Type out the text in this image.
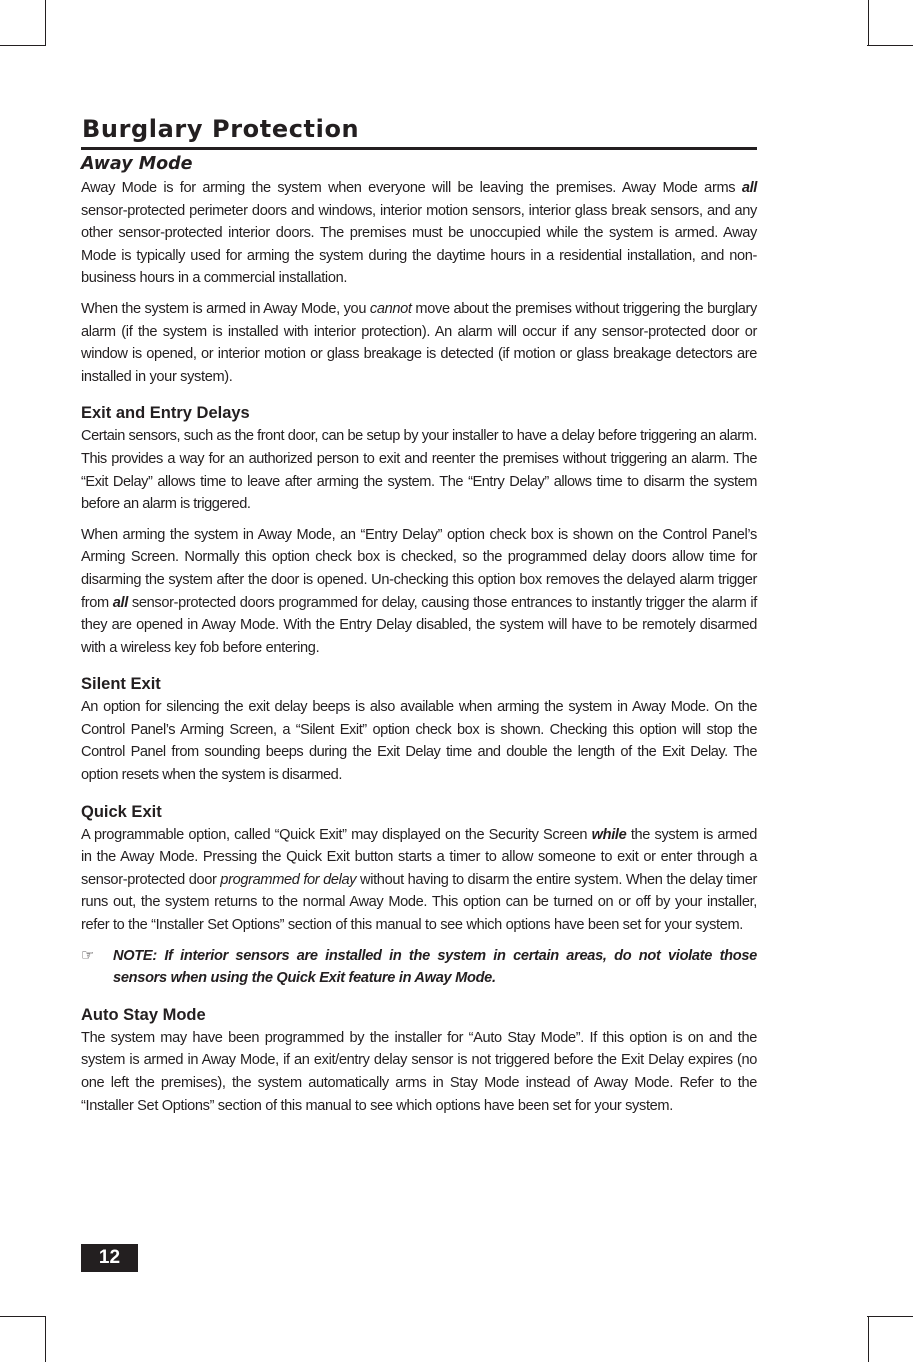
Burglary Protection
Away Mode

Away Mode is for arming the system when everyone will be leaving the premises. Away Mode arms all sensor-protected perimeter doors and windows, interior motion sensors, interior glass break sensors, and any other sensor-protected interior doors. The premises must be unoccupied while the system is armed. Away Mode is typically used for arming the system during the daytime hours in a residential installation, and non-business hours in a commercial installation.

When the system is armed in Away Mode, you cannot move about the premises without triggering the burglary alarm (if the system is installed with interior protection). An alarm will occur if any sensor-protected door or window is opened, or interior motion or glass breakage is detected (if motion or glass breakage detectors are installed in your system).

Exit and Entry Delays

Certain sensors, such as the front door, can be setup by your installer to have a delay before triggering an alarm. This provides a way for an authorized person to exit and reenter the premises without triggering an alarm. The “Exit Delay” allows time to leave after arming the system. The “Entry Delay” allows time to disarm the system before an alarm is triggered.

When arming the system in Away Mode, an “Entry Delay” option check box is shown on the Control Panel’s Arming Screen. Normally this option check box is checked, so the programmed delay doors allow time for disarming the system after the door is opened. Un-checking this option box removes the delayed alarm trigger from all sensor-protected doors programmed for delay, causing those entrances to instantly trigger the alarm if they are opened in Away Mode. With the Entry Delay disabled, the system will have to be remotely disarmed with a wireless key fob before entering.

Silent Exit

An option for silencing the exit delay beeps is also available when arming the system in Away Mode. On the Control Panel’s Arming Screen, a “Silent Exit” option check box is shown. Checking this option will stop the Control Panel from sounding beeps during the Exit Delay time and double the length of the Exit Delay. The option resets when the system is disarmed.

Quick Exit

A programmable option, called “Quick Exit” may displayed on the Security Screen while the system is armed in the Away Mode. Pressing the Quick Exit button starts a timer to allow someone to exit or enter through a sensor-protected door programmed for delay without having to disarm the entire system. When the delay timer runs out, the system returns to the normal Away Mode. This option can be turned on or off by your installer, refer to the “Installer Set Options” section of this manual to see which options have been set for your system.

☞	NOTE: If interior sensors are installed in the system in certain areas, do not violate those sensors when using the Quick Exit feature in Away Mode.

Auto Stay Mode

The system may have been programmed by the installer for “Auto Stay Mode”. If this option is on and the system is armed in Away Mode, if an exit/entry delay sensor is not triggered before the Exit Delay expires (no one left the premises), the system automatically arms in Stay Mode instead of Away Mode. Refer to the “Installer Set Options” section of this manual to see which options have been set for your system.

12
